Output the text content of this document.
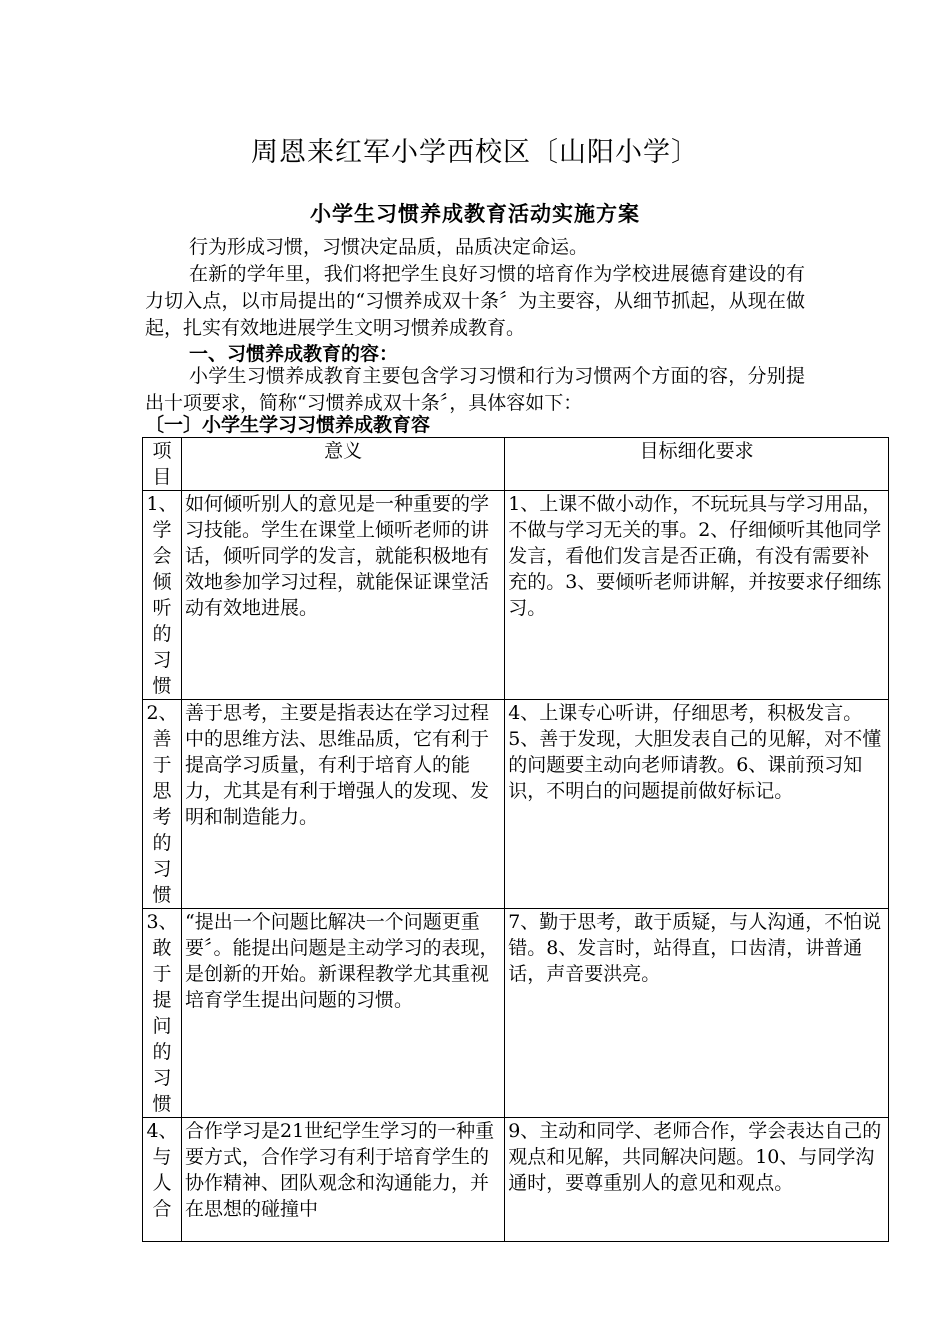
周恩来红军小学西校区〔山阳小学〕
小学生习惯养成教育活动实施方案

行为形成习惯，习惯决定品质，品质决定命运。

在新的学年里，我们将把学生良好习惯的培育作为学校进展德育建设的有力切入点，以市局提出的“习惯养成双十条〞为主要容，从细节抓起，从现在做起，扎实有效地进展学生文明习惯养成教育。

一、习惯养成教育的容：

小学生习惯养成教育主要包含学习习惯和行为习惯两个方面的容，分别提出十项要求，简称“习惯养成双十条〞，具体容如下：

〔一〕小学生学习习惯养成教育容
项目	意义	目标细化要求
1、学会倾听的习惯	如何倾听别人的意见是一种重要的学习技能。学生在课堂上倾听老师的讲话，倾听同学的发言，就能积极地有效地参加学习过程，就能保证课堂活动有效地进展。	1、上课不做小动作，不玩玩具与学习用品，不做与学习无关的事。2、仔细倾听其他同学发言，看他们发言是否正确，有没有需要补充的。3、要倾听老师讲解，并按要求仔细练习。
2、善于思考的习惯	善于思考，主要是指表达在学习过程中的思维方法、思维品质，它有利于提高学习质量，有利于培育人的能力，尤其是有利于增强人的发现、发明和制造能力。	4、上课专心听讲，仔细思考，积极发言。5、善于发现，大胆发表自己的见解，对不懂的问题要主动向老师请教。6、课前预习知识，不明白的问题提前做好标记。
3、敢于提问的习惯	“提出一个问题比解决一个问题更重要〞。能提出问题是主动学习的表现，是创新的开始。新课程教学尤其重视培育学生提出问题的习惯。	7、勤于思考，敢于质疑，与人沟通，不怕说错。8、发言时，站得直，口齿清，讲普通话，声音要洪亮。
4、与人合	合作学习是21世纪学生学习的一种重要方式，合作学习有利于培育学生的协作精神、团队观念和沟通能力，并在思想的碰撞中	9、主动和同学、老师合作，学会表达自己的观点和见解，共同解决问题。10、与同学沟通时，要尊重别人的意见和观点。
